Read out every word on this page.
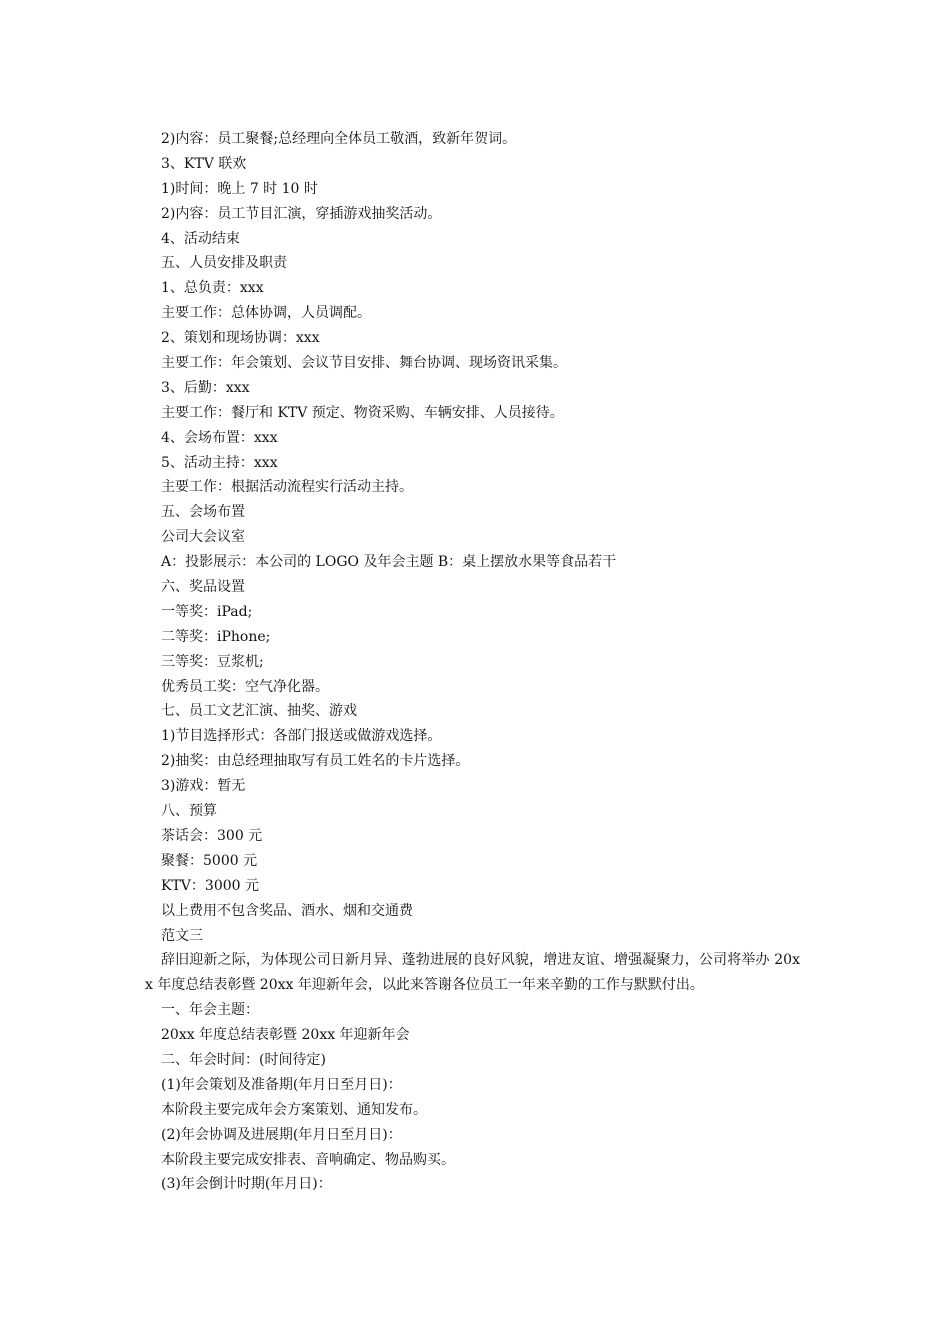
2)内容：员工聚餐;总经理向全体员工敬酒，致新年贺词。
3、KTV 联欢
1)时间：晚上 7 时 10 时
2)内容：员工节目汇演，穿插游戏抽奖活动。
4、活动结束
五、人员安排及职责
1、总负责：xxx
主要工作：总体协调，人员调配。
2、策划和现场协调：xxx
主要工作：年会策划、会议节目安排、舞台协调、现场资讯采集。
3、后勤：xxx
主要工作：餐厅和 KTV 预定、物资采购、车辆安排、人员接待。
4、会场布置：xxx
5、活动主持：xxx
主要工作：根据活动流程实行活动主持。
五、会场布置
公司大会议室
A：投影展示：本公司的 LOGO 及年会主题 B：桌上摆放水果等食品若干
六、奖品设置
一等奖：iPad;
二等奖：iPhone;
三等奖：豆浆机;
优秀员工奖：空气净化器。
七、员工文艺汇演、抽奖、游戏
1)节目选择形式：各部门报送或做游戏选择。
2)抽奖：由总经理抽取写有员工姓名的卡片选择。
3)游戏：暂无
八、预算
茶话会：300 元
聚餐：5000 元
KTV：3000 元
以上费用不包含奖品、酒水、烟和交通费
范文三
辞旧迎新之际，为体现公司日新月异、蓬勃进展的良好风貌，增进友谊、增强凝聚力，公司将举办 20xx 年度总结表彰暨 20xx 年迎新年会，以此来答谢各位员工一年来辛勤的工作与默默付出。
一、年会主题：
20xx 年度总结表彰暨 20xx 年迎新年会
二、年会时间：(时间待定)
(1)年会策划及准备期(年月日至月日)：
本阶段主要完成年会方案策划、通知发布。
(2)年会协调及进展期(年月日至月日)：
本阶段主要完成安排表、音响确定、物品购买。
(3)年会倒计时期(年月日)：
